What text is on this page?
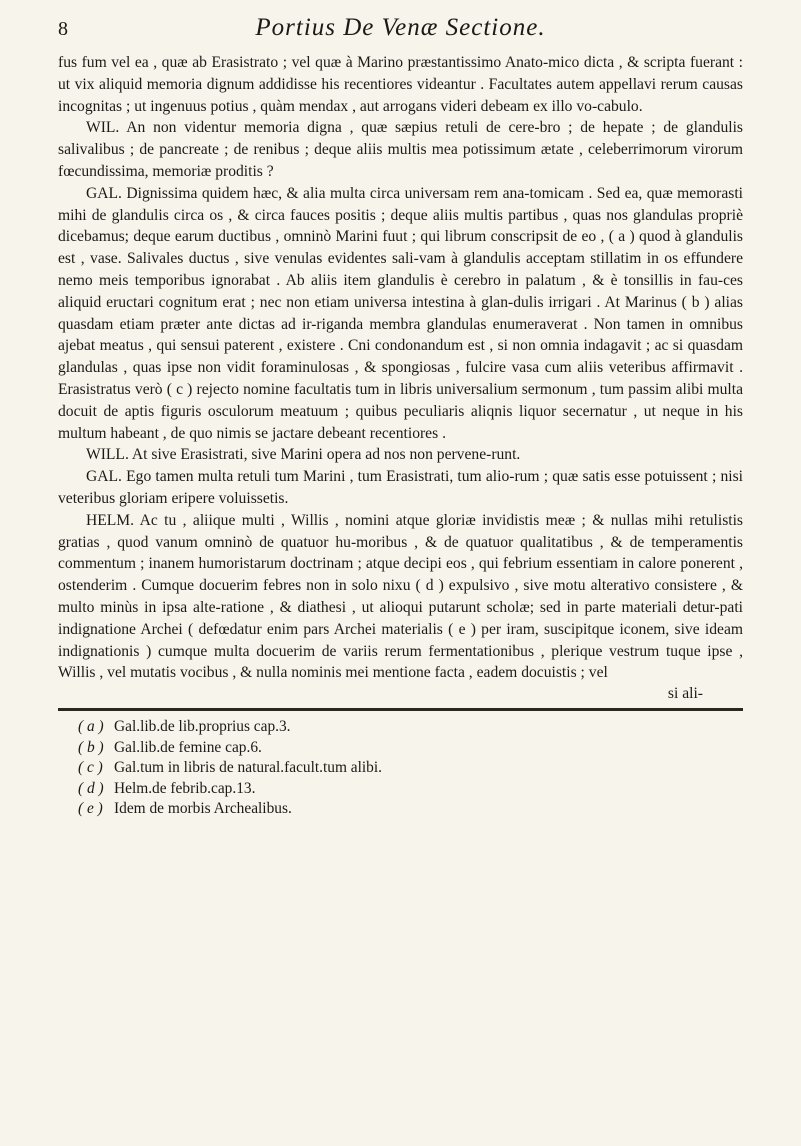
8	Portius De Venæ Sectione.

fus fum vel ea , quæ ab Erasistrato ; vel quæ à Marino præstantissimo Anato-mico dicta , & scripta fuerant : ut vix aliquid memoria dignum addidisse his recentiores videantur . Facultates autem appellavi rerum causas incognitas ; ut ingenuus potius , quàm mendax , aut arrogans videri debeam ex illo vo-cabulo.

WIL. An non videntur memoria digna , quæ sæpius retuli de cere-bro ; de hepate ; de glandulis salivalibus ; de pancreate ; de renibus ; deque aliis multis mea potissimum ætate , celeberrimorum virorum fœcundissima, memoriæ proditis ?

GAL. Dignissima quidem hæc, & alia multa circa universam rem ana-tomicam . Sed ea, quæ memorasti mihi de glandulis circa os , & circa fauces positis ; deque aliis multis partibus , quas nos glandulas propriè dicebamus; deque earum ductibus , omninò Marini fuut ; qui librum conscripsit de eo , ( a ) quod à glandulis est , vase. Salivales ductus , sive venulas evidentes sali-vam à glandulis acceptam stillatim in os effundere nemo meis temporibus ignorabat . Ab aliis item glandulis è cerebro in palatum , & è tonsillis in fau-ces aliquid eructari cognitum erat ; nec non etiam universa intestina à glan-dulis irrigari . At Marinus ( b ) alias quasdam etiam præter ante dictas ad ir-riganda membra glandulas enumeraverat . Non tamen in omnibus ajebat meatus , qui sensui paterent , existere . Cni condonandum est , si non omnia indagavit ; ac si quasdam glandulas , quas ipse non vidit foraminulosas , & spongiosas , fulcire vasa cum aliis veteribus affirmavit . Erasistratus verò ( c ) rejecto nomine facultatis tum in libris universalium sermonum , tum passim alibi multa docuit de aptis figuris osculorum meatuum ; quibus peculiaris aliqnis liquor secernatur , ut neque in his multum habeant , de quo nimis se jactare debeant recentiores .

WILL. At sive Erasistrati, sive Marini opera ad nos non pervene-runt.

GAL. Ego tamen multa retuli tum Marini , tum Erasistrati, tum alio-rum ; quæ satis esse potuissent ; nisi veteribus gloriam eripere voluissetis.

HELM. Ac tu , aliique multi , Willis , nomini atque gloriæ invidistis meæ ; & nullas mihi retulistis gratias , quod vanum omninò de quatuor hu-moribus , & de quatuor qualitatibus , & de temperamentis commentum ; inanem humoristarum doctrinam ; atque decipi eos , qui febrium essentiam in calore ponerent , ostenderim . Cumque docuerim febres non in solo nixu ( d ) expulsivo , sive motu alterativo consistere , & multo minùs in ipsa alte-ratione , & diathesi , ut alioqui putarunt scholæ; sed in parte materiali detur-pati indignatione Archei ( defœdatur enim pars Archei materialis ( e ) per iram, suscipitque iconem, sive ideam indignationis ) cumque multa docuerim de variis rerum fermentationibus , plerique vestrum tuque ipse , Willis , vel mutatis vocibus , & nulla nominis mei mentione facta , eadem docuistis ; vel

si ali-
( a ) Gal.lib.de lib.proprius cap.3.
( b ) Gal.lib.de femine cap.6.
( c ) Gal.tum in libris de natural.facult.tum alibi.
( d ) Helm.de febrib.cap.13.
( e ) Idem de morbis Archealibus.
